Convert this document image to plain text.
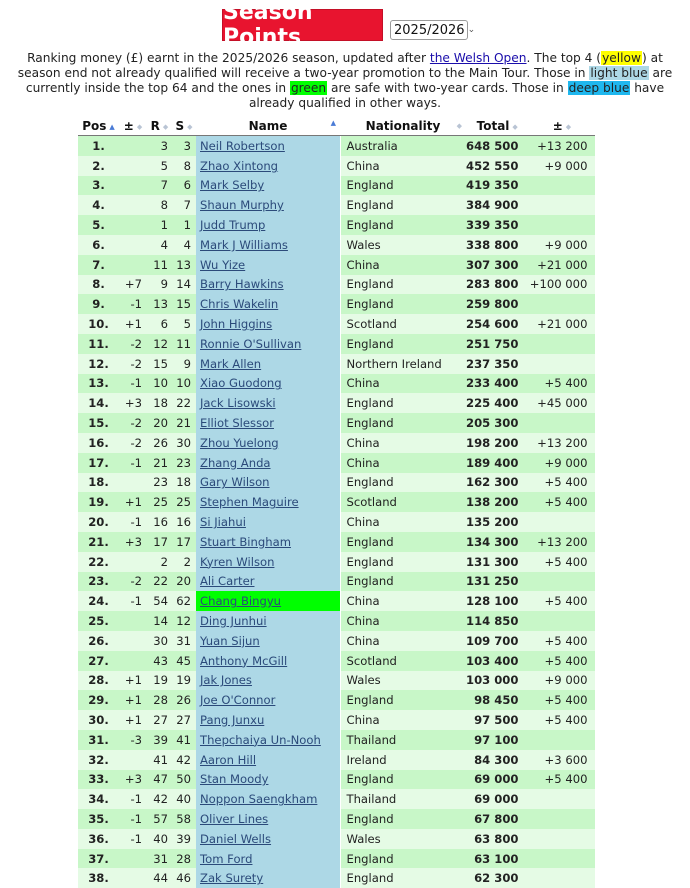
Season Points	2025/2026 ⌄
Ranking money (£) earnt in the 2025/2026 season, updated after the Welsh Open. The top 4 (yellow) at season end not already qualified will receive a two-year promotion to the Main Tour. Those in light blue are currently inside the top 64 and the ones in green are safe with two-year cards. Those in deep blue have already qualified in other ways.
Pos ▲	± ◆	R ◆	S ◆	Name ▲	Nationality ◆	Total ◆	± ◆
1.		3	3	Neil Robertson	Australia	648 500	+13 200
2.		5	8	Zhao Xintong	China	452 550	+9 000
3.		7	6	Mark Selby	England	419 350	
4.		8	7	Shaun Murphy	England	384 900	
5.		1	1	Judd Trump	England	339 350	
6.		4	4	Mark J Williams	Wales	338 800	+9 000
7.		11	13	Wu Yize	China	307 300	+21 000
8.	+7	9	14	Barry Hawkins	England	283 800	+100 000
9.	-1	13	15	Chris Wakelin	England	259 800	
10.	+1	6	5	John Higgins	Scotland	254 600	+21 000
11.	-2	12	11	Ronnie O'Sullivan	England	251 750	
12.	-2	15	9	Mark Allen	Northern Ireland	237 350	
13.	-1	10	10	Xiao Guodong	China	233 400	+5 400
14.	+3	18	22	Jack Lisowski	England	225 400	+45 000
15.	-2	20	21	Elliot Slessor	England	205 300	
16.	-2	26	30	Zhou Yuelong	China	198 200	+13 200
17.	-1	21	23	Zhang Anda	China	189 400	+9 000
18.		23	18	Gary Wilson	England	162 300	+5 400
19.	+1	25	25	Stephen Maguire	Scotland	138 200	+5 400
20.	-1	16	16	Si Jiahui	China	135 200	
21.	+3	17	17	Stuart Bingham	England	134 300	+13 200
22.		2	2	Kyren Wilson	England	131 300	+5 400
23.	-2	22	20	Ali Carter	England	131 250	
24.	-1	54	62	Chang Bingyu	China	128 100	+5 400
25.		14	12	Ding Junhui	China	114 850	
26.		30	31	Yuan Sijun	China	109 700	+5 400
27.		43	45	Anthony McGill	Scotland	103 400	+5 400
28.	+1	19	19	Jak Jones	Wales	103 000	+9 000
29.	+1	28	26	Joe O'Connor	England	98 450	+5 400
30.	+1	27	27	Pang Junxu	China	97 500	+5 400
31.	-3	39	41	Thepchaiya Un-Nooh	Thailand	97 100	
32.		41	42	Aaron Hill	Ireland	84 300	+3 600
33.	+3	47	50	Stan Moody	England	69 000	+5 400
34.	-1	42	40	Noppon Saengkham	Thailand	69 000	
35.	-1	57	58	Oliver Lines	England	67 800	
36.	-1	40	39	Daniel Wells	Wales	63 800	
37.		31	28	Tom Ford	England	63 100	
38.		44	46	Zak Surety	England	62 300	
